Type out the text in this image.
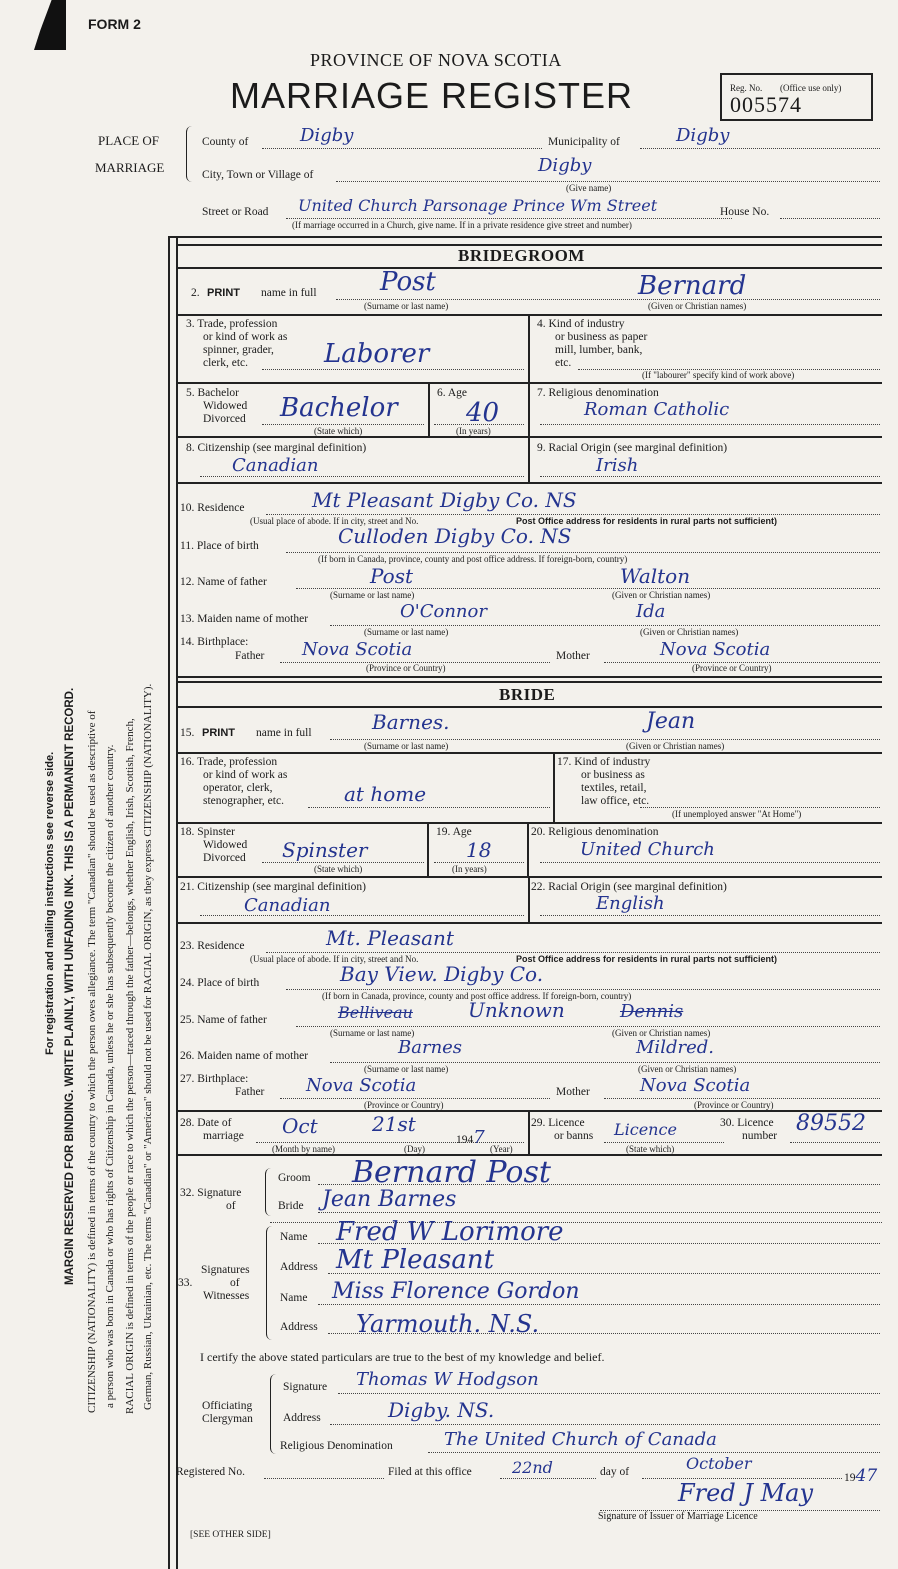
FORM 2
PROVINCE OF NOVA SCOTIA
MARRIAGE REGISTER	Reg. No. (Office use only)
005574
PLACE OF
MARRIAGE
County of	Digby	Municipality of	Digby
City, Town or Village of	Digby
(Give name)
Street or Road United Church Parsonage Prince Wm Street	House No.
(If marriage occurred in a Church, give name. If in a private residence give street and number)
BRIDEGROOM
2. PRINT name in full Post	Bernard
(Surname or last name)	(Given or Christian names)
3. Trade, profession
or kind of work as
spinner, grader,
clerk, etc.	Laborer
4. Kind of industry
or business as paper
mill, lumber, bank,
etc.
(If "labourer" specify kind of work above)
5. Bachelor
Widowed
Divorced Bachelor
(State which)
6. Age
40
(In years)
7. Religious denomination
Roman Catholic
8. Citizenship (see marginal definition)
Canadian
9. Racial Origin (see marginal definition)
Irish
10. Residence	Mt Pleasant Digby Co. NS
(Usual place of abode. If in city, street and No.	Post Office address for residents in rural parts not sufficient)
11. Place of birth	Culloden Digby Co. NS
(If born in Canada, province, county and post office address. If foreign-born, country)
12. Name of father	Post	Walton
(Surname or last name)	(Given or Christian names)
13. Maiden name of mother	O'Connor	Ida
(Surname or last name)	(Given or Christian names)
14. Birthplace:
Father Nova Scotia	Mother	Nova Scotia
(Province or Country)	(Province or Country)
BRIDE
15. PRINT name in full	Barnes.	Jean
(Surname or last name)	(Given or Christian names)
16. Trade, profession
or kind of work as
operator, clerk,
stenographer, etc.	at home
17. Kind of industry
or business as
textiles, retail,
law office, etc.
(If unemployed answer "At Home")
18. Spinster
Widowed
Divorced Spinster
(State which)
19. Age
18
(In years)
20. Religious denomination
United Church
21. Citizenship (see marginal definition)
Canadian
22. Racial Origin (see marginal definition)
English
23. Residence	Mt. Pleasant
(Usual place of abode. If in city, street and No.	Post Office address for residents in rural parts not sufficient)
24. Place of birth	Bay View. Digby Co.
(If born in Canada, province, county and post office address. If foreign-born, country)
25. Name of father	Belliveau	Unknown	Dennis
(Surname or last name)	(Given or Christian names)
26. Maiden name of mother	Barnes	Mildred.
(Surname or last name)	(Given or Christian names)
27. Birthplace:
Father Nova Scotia	Mother	Nova Scotia
(Province or Country)	(Province or Country)
28. Date of
marriage Oct	21st
1947
(Month by name)	(Day)	(Year)
29. Licence
or banns Licence
(State which)
30. Licence
number 89552
32. Signature
of
Groom Bernard Post
Bride Jean Barnes
Signatures
33.	of
Witnesses
Name Fred W Lorimore
Address Mt Pleasant
Name Miss Florence Gordon
Address Yarmouth. N.S.
I certify the above stated particulars are true to the best of my knowledge and belief.
Officiating
Clergyman
Signature Thomas W Hodgson
Address	Digby. NS.
Religious Denomination	The United Church of Canada
Registered No.	Filed at this office	22nd	day of	October
1947
Fred J May
Signature of Issuer of Marriage Licence
[SEE OTHER SIDE]
For registration and mailing instructions see reverse side. MARGIN RESERVED FOR BINDING. WRITE PLAINLY, WITH UNFADING INK. THIS IS A PERMANENT RECORD. CITIZENSHIP (NATIONALITY) is defined in terms of the country to which the person owes allegiance. The term "Canadian" should be used as descriptive of a person who was born in Canada or who has rights of Citizenship in Canada, unless he or she has subsequently become the citizen of another country. RACIAL ORIGIN is defined in terms of the people or race to which the person—traced through the father—belongs, whether English, Irish, Scottish, French, German, Russian, Ukrainian, etc. The terms "Canadian" or "American" should not be used for RACIAL ORIGIN, as they express CITIZENSHIP (NATIONALITY).
